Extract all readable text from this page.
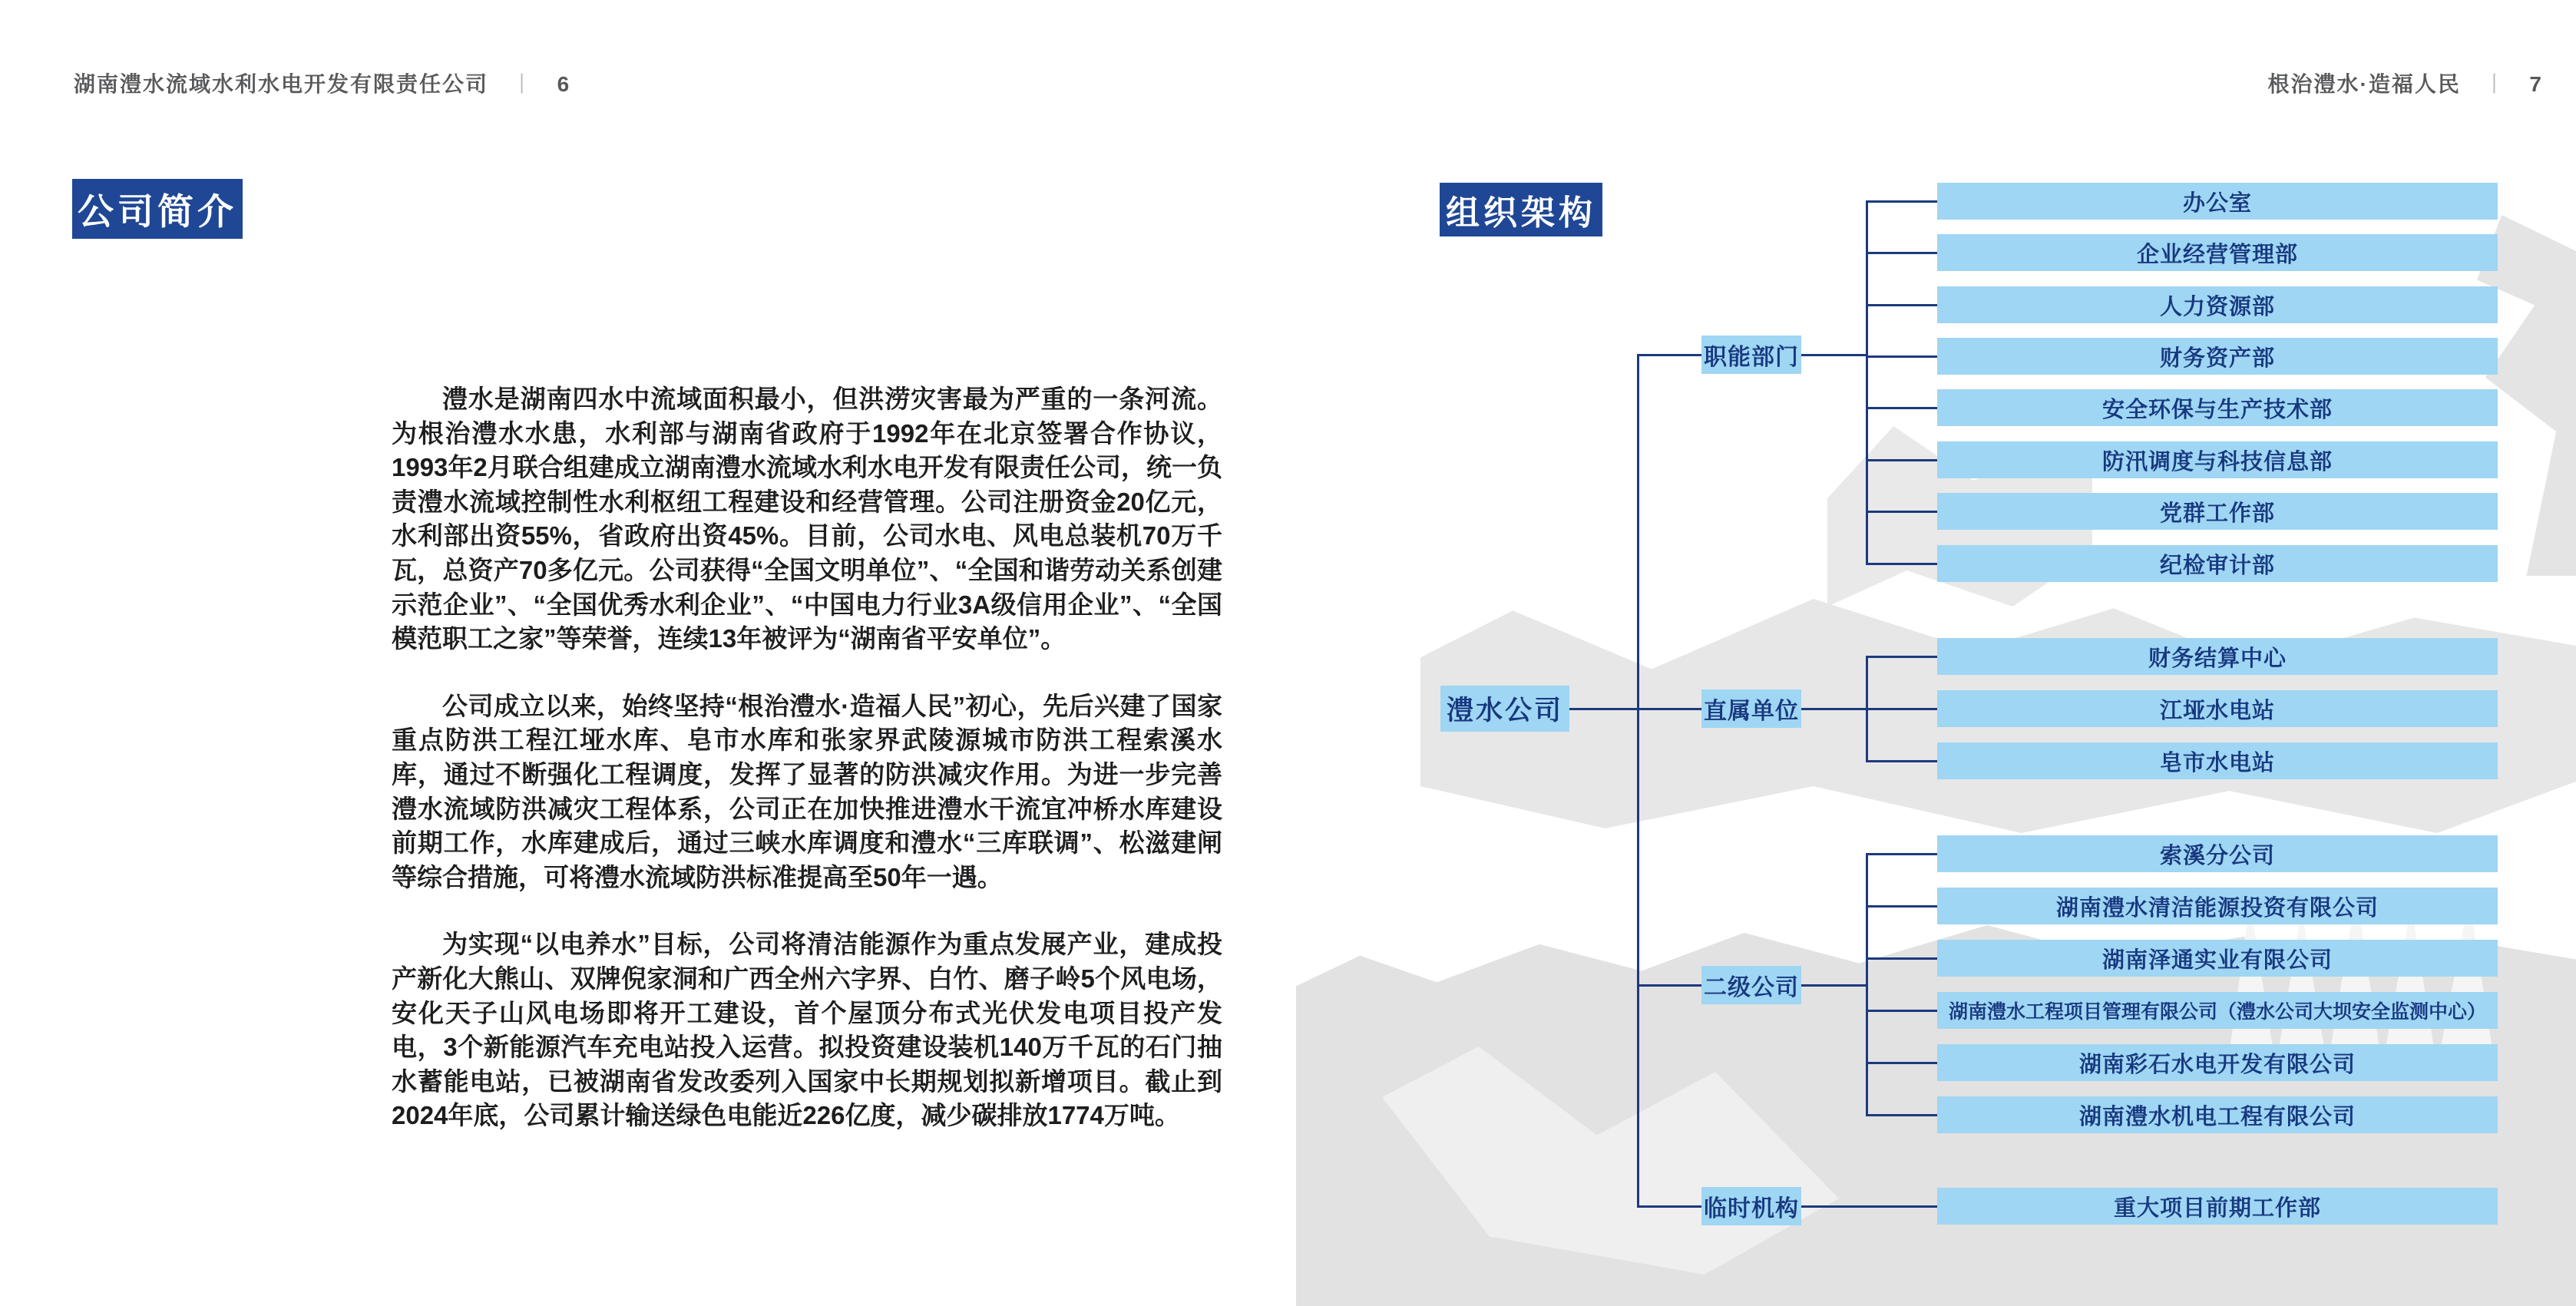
湖南澧水流域水利水电开发有限责任公司 丨 6	根治澧水·造福人民 丨 7
公司简介

澧水是湖南四水中流域面积最小，但洪涝灾害最为严重的一条河流。为根治澧水水患，水利部与湖南省政府于1992年在北京签署合作协议，1993年2月联合组建成立湖南澧水流域水利水电开发有限责任公司，统一负责澧水流域控制性水利枢纽工程建设和经营管理。公司注册资金20亿元，水利部出资55%，省政府出资45%。目前，公司水电、风电总装机70万千瓦，总资产70多亿元。公司获得“全国文明单位”、“全国和谐劳动关系创建示范企业”、“全国优秀水利企业”、“中国电力行业3A级信用企业”、“全国模范职工之家”等荣誉，连续13年被评为“湖南省平安单位”。

公司成立以来，始终坚持“根治澧水·造福人民”初心，先后兴建了国家重点防洪工程江垭水库、皂市水库和张家界武陵源城市防洪工程索溪水库，通过不断强化工程调度，发挥了显著的防洪减灾作用。为进一步完善澧水流域防洪减灾工程体系，公司正在加快推进澧水干流宜冲桥水库建设前期工作，水库建成后，通过三峡水库调度和澧水“三库联调”、松滋建闸等综合措施，可将澧水流域防洪标准提高至50年一遇。

为实现“以电养水”目标，公司将清洁能源作为重点发展产业，建成投产新化大熊山、双牌倪家洞和广西全州六字界、白竹、磨子岭5个风电场，安化天子山风电场即将开工建设，首个屋顶分布式光伏发电项目投产发电，3个新能源汽车充电站投入运营。拟投资建设装机140万千瓦的石门抽水蓄能电站，已被湖南省发改委列入国家中长期规划拟新增项目。截止到2024年底，公司累计输送绿色电能近226亿度，减少碳排放1774万吨。

组织架构
澧水公司
职能部门
办公室
企业经营管理部
人力资源部
财务资产部
安全环保与生产技术部
防汛调度与科技信息部
党群工作部
纪检审计部
直属单位
财务结算中心
江垭水电站
皂市水电站
二级公司
索溪分公司
湖南澧水清洁能源投资有限公司
湖南泽通实业有限公司
湖南澧水工程项目管理有限公司（澧水公司大坝安全监测中心）
湖南彩石水电开发有限公司
湖南澧水机电工程有限公司
临时机构	重大项目前期工作部
